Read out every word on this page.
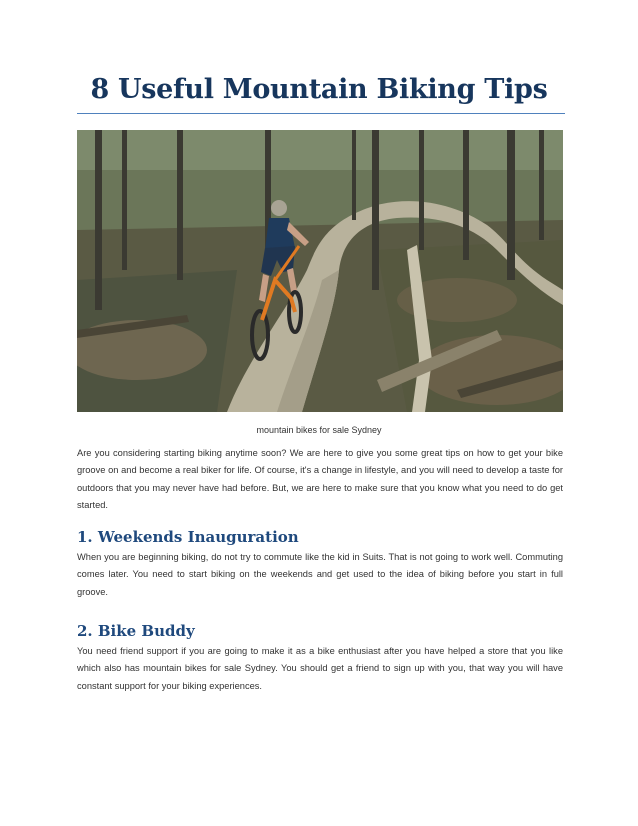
8 Useful Mountain Biking Tips
mountain bikes for sale Sydney

Are you considering starting biking anytime soon? We are here to give you some great tips on how to get your bike groove on and become a real biker for life. Of course, it's a change in lifestyle, and you will need to develop a taste for outdoors that you may never have had before. But, we are here to make sure that you know what you need to do get started.

1. Weekends Inauguration

When you are beginning biking, do not try to commute like the kid in Suits. That is not going to work well. Commuting comes later. You need to start biking on the weekends and get used to the idea of biking before you start in full groove.

2. Bike Buddy

You need friend support if you are going to make it as a bike enthusiast after you have helped a store that you like which also has mountain bikes for sale Sydney. You should get a friend to sign up with you, that way you will have constant support for your biking experiences.
